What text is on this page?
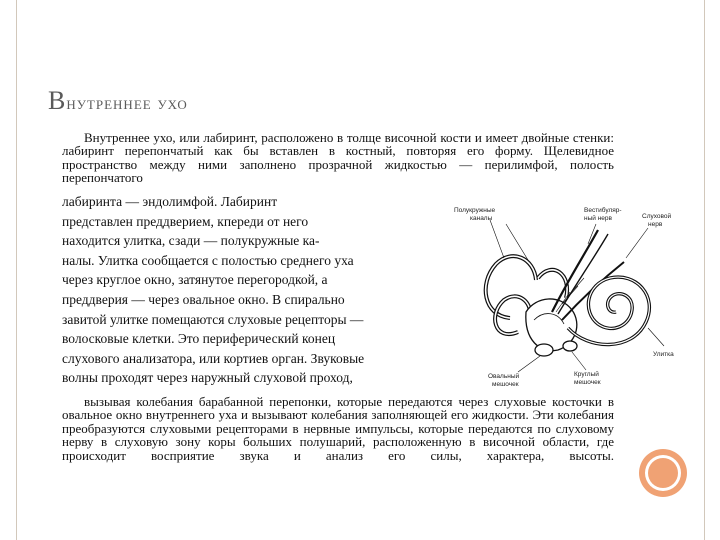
Внутреннее ухо

Внутреннее ухо, или лабиринт, расположено в толще височной кости и имеет двойные стенки: лабиринт перепончатый как бы вставлен в костный, повторяя его форму. Щелевидное пространство между ними заполнено прозрачной жидкостью — перилимфой, полость перепончатого

лабиринта — эндолимфой. Лабиринт
представлен преддверием, кпереди от него
находится улитка, сзади — полукружные ка-
налы. Улитка сообщается с полостью среднего уха
через круглое окно, затянутое перегородкой, а
преддверия — через овальное окно. В спирально
завитой улитке помещаются слуховые рецепторы —
волосковые клетки. Это периферический конец
слухового анализатора, или кортиев орган. Звуковые
волны проходят через наружный слуховой проход,

вызывая колебания барабанной перепонки, которые передаются через слуховые косточки в овальное окно внутреннего уха и вызывают колебания заполняющей его жидкости. Эти колебания преобразуются слуховыми рецепторами в нервные импульсы, которые передаются по слуховому нерву в слуховую зону коры больших полушарий, расположенную в височной области, где происходит восприятие звука и анализ его силы, характера, высоты.

Полукружные
каналы
Вестибуляр-
ный нерв	Слуховой
нерв
Улитка
Овальный
мешочек
Круглый
мешочек
